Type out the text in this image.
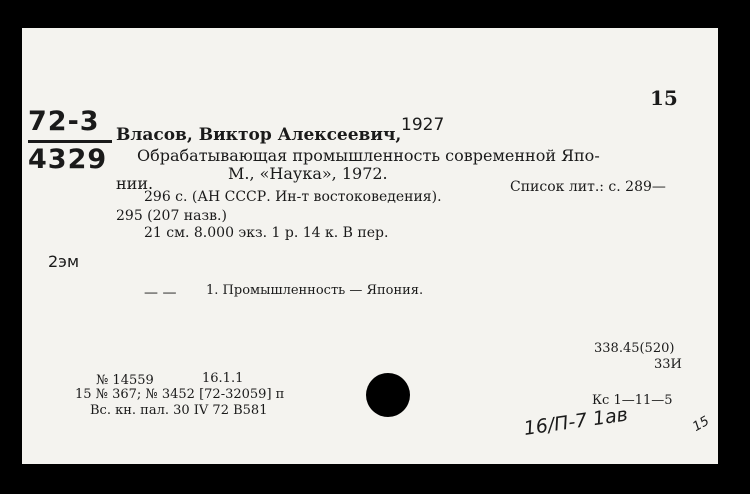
15
72-3
4329
2эм
Власов, Виктор Алексеевич, 1927
Обрабатывающая промышленность современной Япо-
нии.
М., «Наука», 1972.
296 с. (АН СССР. Ин-т востоковедения).
Список лит.: с. 289—
295 (207 назв.)
21 см. 8.000 экз. 1 р. 14 к. В пер.
— — 1. Промышленность — Япония.
338.45(520)
33И
№ 14559	16.1.1
15 № 367; № 3452 [72-32059] п
Вс. кн. пал. 30 IV 72 В581
Кс 1—11—5
16/П-7 1ав	15
